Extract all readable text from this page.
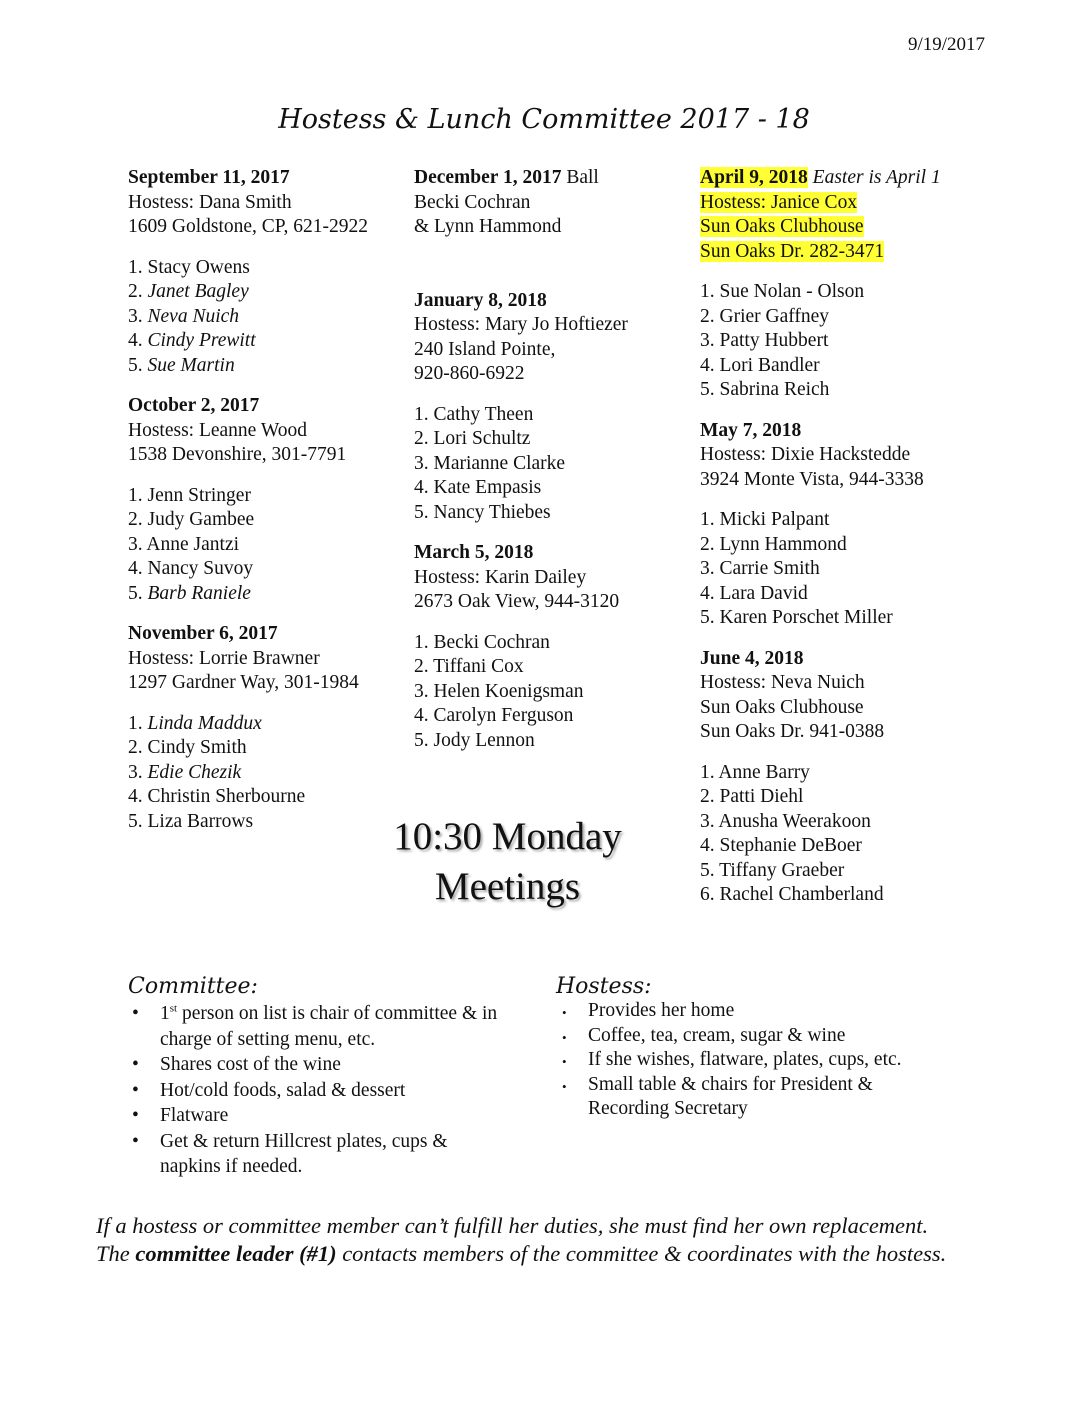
9/19/2017
Hostess & Lunch Committee 2017 - 18

September 11, 2017

Hostess: Dana Smith

1609 Goldstone, CP, 621-2922

1. Stacy Owens

2. Janet Bagley

3. Neva Nuich

4. Cindy Prewitt

5. Sue Martin

October 2, 2017

Hostess: Leanne Wood

1538 Devonshire, 301-7791

1. Jenn Stringer

2. Judy Gambee

3. Anne Jantzi

4. Nancy Suvoy

5. Barb Raniele

November 6, 2017

Hostess: Lorrie Brawner

1297 Gardner Way, 301-1984

1. Linda Maddux

2. Cindy Smith

3. Edie Chezik

4. Christin Sherbourne

5. Liza Barrows

December 1, 2017 Ball

Becki Cochran

& Lynn Hammond

January 8, 2018

Hostess: Mary Jo Hoftiezer

240 Island Pointe,

920-860-6922

1. Cathy Theen

2. Lori Schultz

3. Marianne Clarke

4. Kate Empasis

5. Nancy Thiebes

March 5, 2018

Hostess: Karin Dailey

2673 Oak View, 944-3120

1. Becki Cochran

2. Tiffani Cox

3. Helen Koenigsman

4. Carolyn Ferguson

5. Jody Lennon

10:30 Monday
Meetings

April 9, 2018 Easter is April 1

Hostess: Janice Cox

Sun Oaks Clubhouse

Sun Oaks Dr. 282-3471

1. Sue Nolan - Olson

2. Grier Gaffney

3. Patty Hubbert

4. Lori Bandler

5. Sabrina Reich

May 7, 2018

Hostess: Dixie Hackstedde

3924 Monte Vista, 944-3338

1. Micki Palpant

2. Lynn Hammond

3. Carrie Smith

4. Lara David

5. Karen Porschet Miller

June 4, 2018

Hostess: Neva Nuich

Sun Oaks Clubhouse

Sun Oaks Dr. 941-0388

1. Anne Barry

2. Patti Diehl

3. Anusha Weerakoon

4. Stephanie DeBoer

5. Tiffany Graeber

6. Rachel Chamberland

Committee:
• 1st person on list is chair of committee & in charge of setting menu, etc.
• Shares cost of the wine
• Hot/cold foods, salad & dessert
• Flatware
• Get & return Hillcrest plates, cups & napkins if needed.
Hostess:
• Provides her home
• Coffee, tea, cream, sugar & wine
• If she wishes, flatware, plates, cups, etc.
• Small table & chairs for President & Recording Secretary
If a hostess or committee member can’t fulfill her duties, she must find her own replacement.
The committee leader (#1) contacts members of the committee & coordinates with the hostess.
